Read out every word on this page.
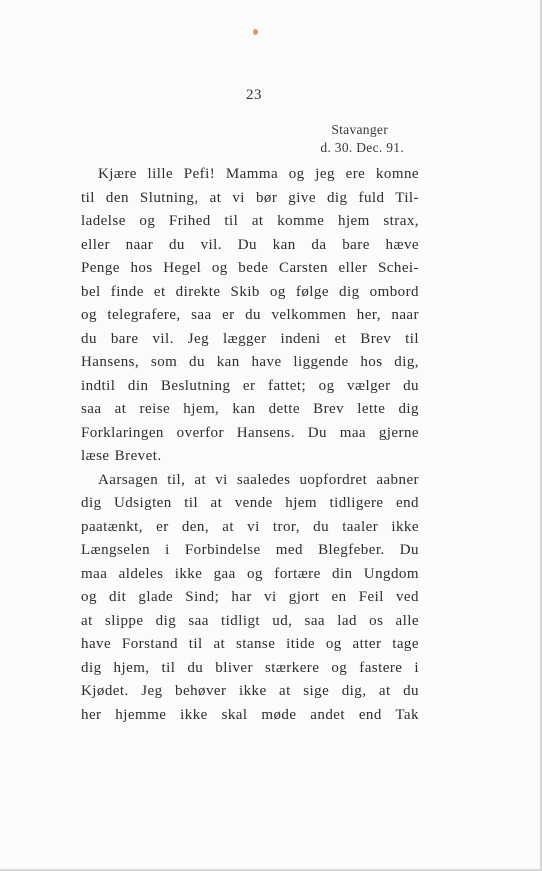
23

Stavanger

d. 30. Dec. 91.

Kjære lille Pefi! Mamma og jeg ere komne
til den Slutning, at vi bør give dig fuld Til-
ladelse og Frihed til at komme hjem strax,
eller naar du vil. Du kan da bare hæve
Penge hos Hegel og bede Carsten eller Schei-
bel finde et direkte Skib og følge dig ombord
og telegrafere, saa er du velkommen her, naar
du bare vil. Jeg lægger indeni et Brev til
Hansens, som du kan have liggende hos dig,
indtil din Beslutning er fattet; og vælger du
saa at reise hjem, kan dette Brev lette dig
Forklaringen overfor Hansens. Du maa gjerne
læse Brevet.
Aarsagen til, at vi saaledes uopfordret aabner
dig Udsigten til at vende hjem tidligere end
paatænkt, er den, at vi tror, du taaler ikke
Længselen i Forbindelse med Blegfeber. Du
maa aldeles ikke gaa og fortære din Ungdom
og dit glade Sind; har vi gjort en Feil ved
at slippe dig saa tidligt ud, saa lad os alle
have Forstand til at stanse itide og atter tage
dig hjem, til du bliver stærkere og fastere i
Kjødet. Jeg behøver ikke at sige dig, at du
her hjemme ikke skal møde andet end Tak
